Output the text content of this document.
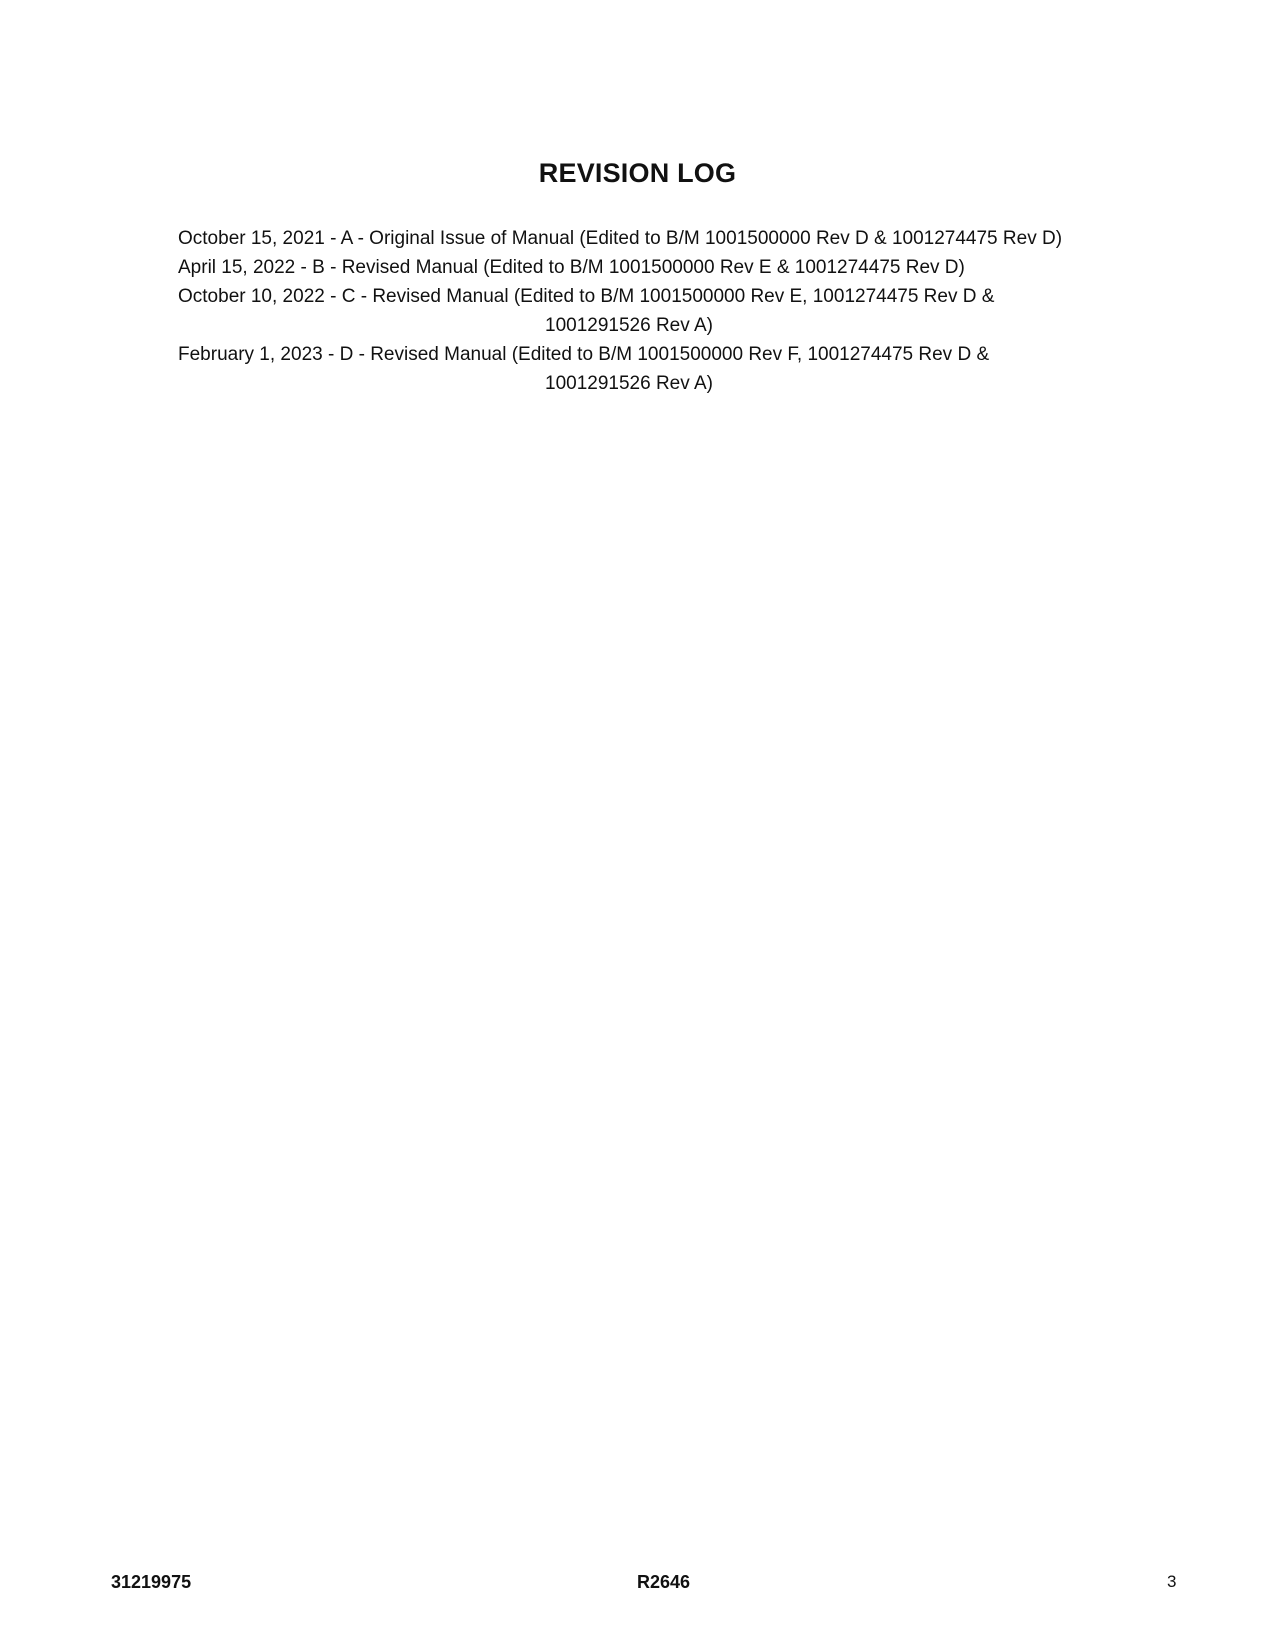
REVISION LOG

October 15, 2021 - A - Original Issue of Manual (Edited to B/M 1001500000 Rev D & 1001274475 Rev D)

April 15, 2022 - B - Revised Manual (Edited to B/M 1001500000 Rev E & 1001274475 Rev D)

October 10, 2022 - C - Revised Manual (Edited to B/M 1001500000 Rev E, 1001274475 Rev D &

1001291526 Rev A)

February 1, 2023 - D - Revised Manual (Edited to B/M 1001500000 Rev F, 1001274475 Rev D &

1001291526 Rev A)

31219975	R2646	3
